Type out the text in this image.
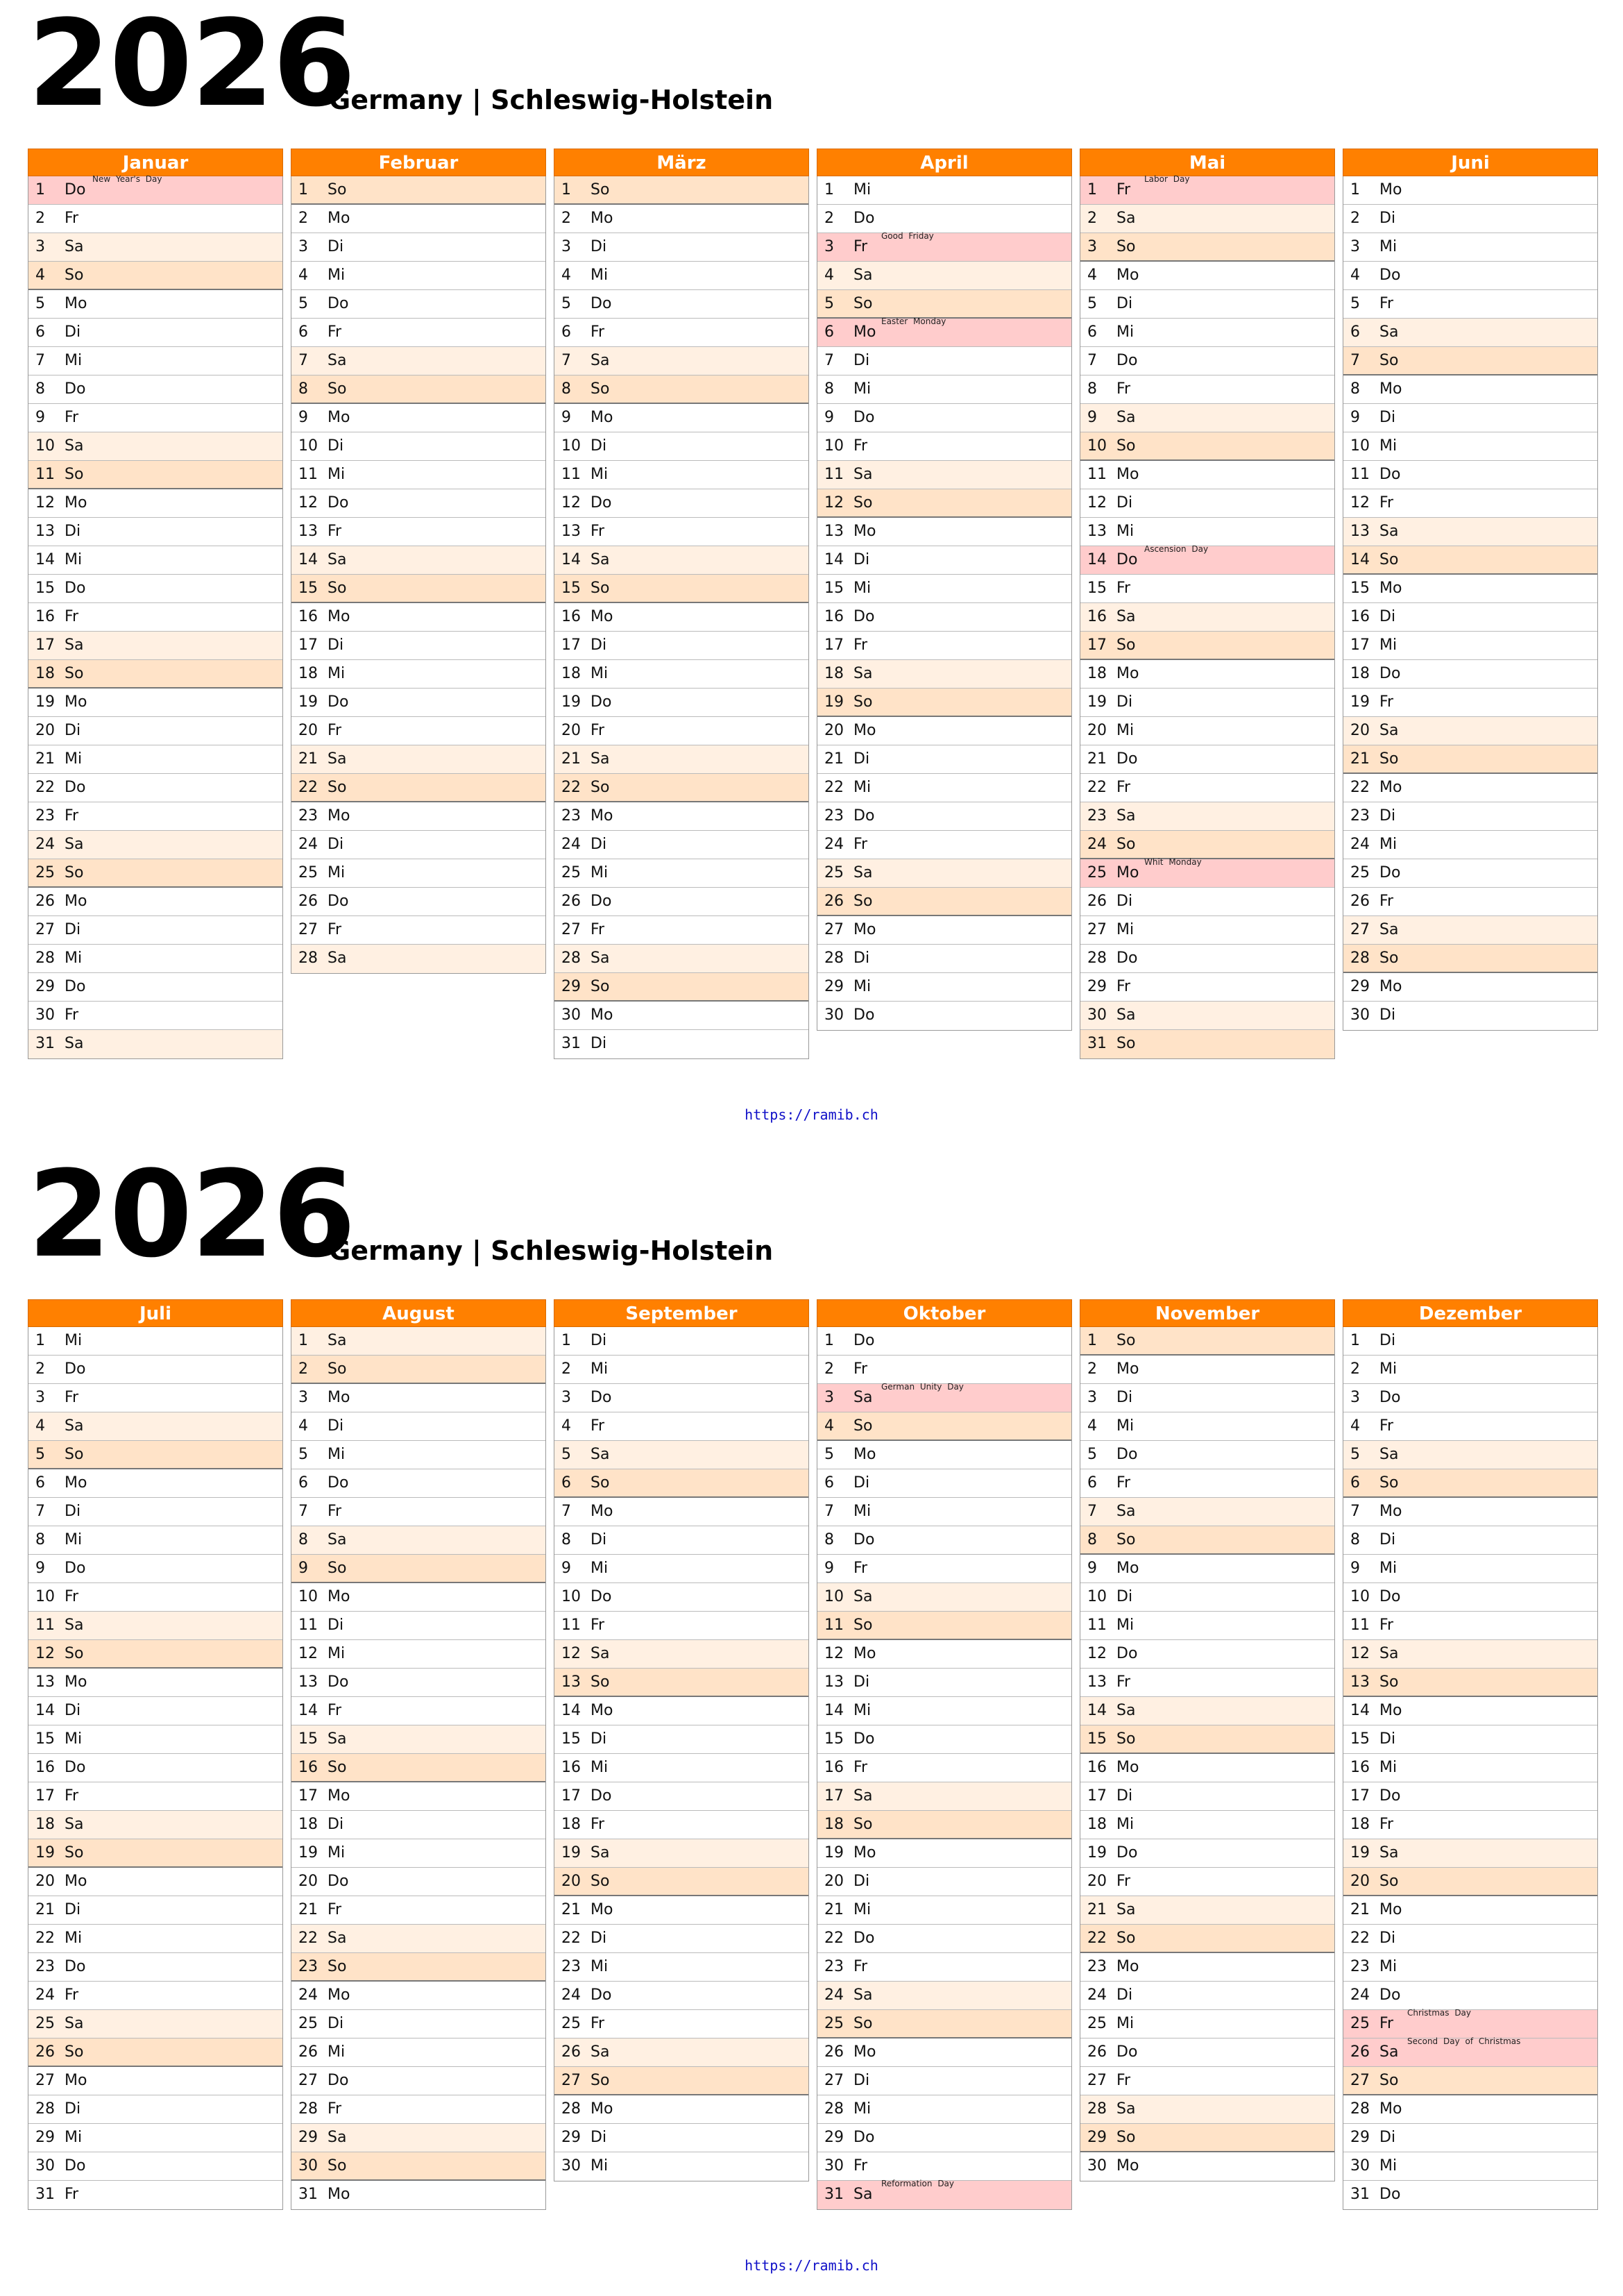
2026
Germany | Schleswig-Holstein
Januar
1 Do
New Year's Day
2 Fr
3 Sa
4 So
5 Mo
6 Di
7 Mi
8 Do
9 Fr
10 Sa
11 So
12 Mo
13 Di
14 Mi
15 Do
16 Fr
17 Sa
18 So
19 Mo
20 Di
21 Mi
22 Do
23 Fr
24 Sa
25 So
26 Mo
27 Di
28 Mi
29 Do
30 Fr
31 Sa
Februar
1 So
2 Mo
3 Di
4 Mi
5 Do
6 Fr
7 Sa
8 So
9 Mo
10 Di
11 Mi
12 Do
13 Fr
14 Sa
15 So
16 Mo
17 Di
18 Mi
19 Do
20 Fr
21 Sa
22 So
23 Mo
24 Di
25 Mi
26 Do
27 Fr
28 Sa
März
1 So
2 Mo
3 Di
4 Mi
5 Do
6 Fr
7 Sa
8 So
9 Mo
10 Di
11 Mi
12 Do
13 Fr
14 Sa
15 So
16 Mo
17 Di
18 Mi
19 Do
20 Fr
21 Sa
22 So
23 Mo
24 Di
25 Mi
26 Do
27 Fr
28 Sa
29 So
30 Mo
31 Di
April
1 Mi
2 Do
3 Fr
Good Friday
4 Sa
5 So
6 Mo
Easter Monday
7 Di
8 Mi
9 Do
10 Fr
11 Sa
12 So
13 Mo
14 Di
15 Mi
16 Do
17 Fr
18 Sa
19 So
20 Mo
21 Di
22 Mi
23 Do
24 Fr
25 Sa
26 So
27 Mo
28 Di
29 Mi
30 Do
Mai
1 Fr
Labor Day
2 Sa
3 So
4 Mo
5 Di
6 Mi
7 Do
8 Fr
9 Sa
10 So
11 Mo
12 Di
13 Mi
14 Do
Ascension Day
15 Fr
16 Sa
17 So
18 Mo
19 Di
20 Mi
21 Do
22 Fr
23 Sa
24 So
25 Mo
Whit Monday
26 Di
27 Mi
28 Do
29 Fr
30 Sa
31 So
Juni
1 Mo
2 Di
3 Mi
4 Do
5 Fr
6 Sa
7 So
8 Mo
9 Di
10 Mi
11 Do
12 Fr
13 Sa
14 So
15 Mo
16 Di
17 Mi
18 Do
19 Fr
20 Sa
21 So
22 Mo
23 Di
24 Mi
25 Do
26 Fr
27 Sa
28 So
29 Mo
30 Di
https://ramib.ch
2026
Germany | Schleswig-Holstein
Juli
1 Mi
2 Do
3 Fr
4 Sa
5 So
6 Mo
7 Di
8 Mi
9 Do
10 Fr
11 Sa
12 So
13 Mo
14 Di
15 Mi
16 Do
17 Fr
18 Sa
19 So
20 Mo
21 Di
22 Mi
23 Do
24 Fr
25 Sa
26 So
27 Mo
28 Di
29 Mi
30 Do
31 Fr
August
1 Sa
2 So
3 Mo
4 Di
5 Mi
6 Do
7 Fr
8 Sa
9 So
10 Mo
11 Di
12 Mi
13 Do
14 Fr
15 Sa
16 So
17 Mo
18 Di
19 Mi
20 Do
21 Fr
22 Sa
23 So
24 Mo
25 Di
26 Mi
27 Do
28 Fr
29 Sa
30 So
31 Mo
September
1 Di
2 Mi
3 Do
4 Fr
5 Sa
6 So
7 Mo
8 Di
9 Mi
10 Do
11 Fr
12 Sa
13 So
14 Mo
15 Di
16 Mi
17 Do
18 Fr
19 Sa
20 So
21 Mo
22 Di
23 Mi
24 Do
25 Fr
26 Sa
27 So
28 Mo
29 Di
30 Mi
Oktober
1 Do
2 Fr
3 Sa
German Unity Day
4 So
5 Mo
6 Di
7 Mi
8 Do
9 Fr
10 Sa
11 So
12 Mo
13 Di
14 Mi
15 Do
16 Fr
17 Sa
18 So
19 Mo
20 Di
21 Mi
22 Do
23 Fr
24 Sa
25 So
26 Mo
27 Di
28 Mi
29 Do
30 Fr
31 Sa
Reformation Day
November
1 So
2 Mo
3 Di
4 Mi
5 Do
6 Fr
7 Sa
8 So
9 Mo
10 Di
11 Mi
12 Do
13 Fr
14 Sa
15 So
16 Mo
17 Di
18 Mi
19 Do
20 Fr
21 Sa
22 So
23 Mo
24 Di
25 Mi
26 Do
27 Fr
28 Sa
29 So
30 Mo
Dezember
1 Di
2 Mi
3 Do
4 Fr
5 Sa
6 So
7 Mo
8 Di
9 Mi
10 Do
11 Fr
12 Sa
13 So
14 Mo
15 Di
16 Mi
17 Do
18 Fr
19 Sa
20 So
21 Mo
22 Di
23 Mi
24 Do
25 Fr
Christmas Day
26 Sa
Second Day of Christmas
27 So
28 Mo
29 Di
30 Mi
31 Do
https://ramib.ch
